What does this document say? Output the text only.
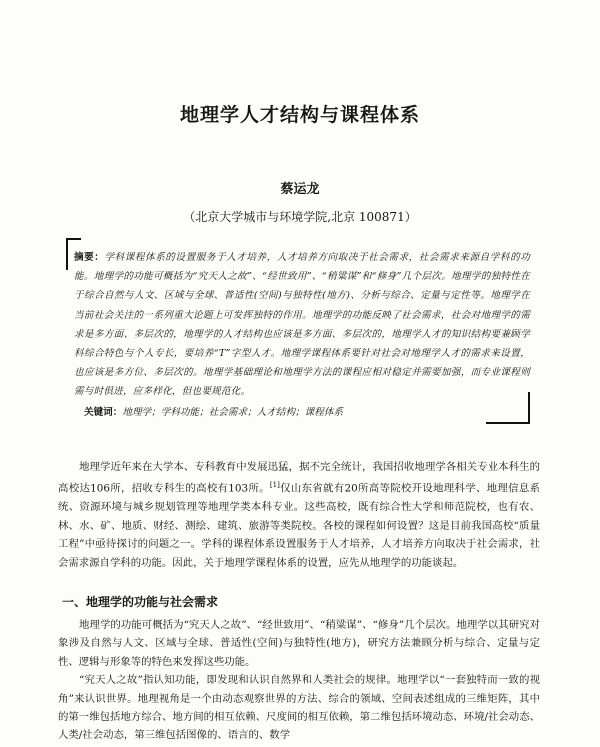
地理学人才结构与课程体系
蔡运龙
（北京大学城市与环境学院,北京 100871）
摘要：学科课程体系的设置服务于人才培养，人才培养方向取决于社会需求，社会需求来源自学科的功能。地理学的功能可概括为“究天人之故”、“经世致用”、“稍粱谋”和“修身”几个层次。地理学的独特性在于综合自然与人文、区域与全球、普适性(空间)与独特性(地方)、分析与综合、定量与定性等。地理学在当前社会关注的一系列重大论题上可发挥独特的作用。地理学的功能反映了社会需求，社会对地理学的需求是多方面、多层次的，地理学的人才结构也应该是多方面、多层次的，地理学人才的知识结构要兼顾学科综合特色与个人专长，要培养“T”字型人才。地理学课程体系要针对社会对地理学人才的需求来设置，也应该是多方位、多层次的。地理学基础理论和地理学方法的课程应相对稳定并需要加强，而专业课程则需与时俱进，应多样化，但也要规范化。
关键词：地理学；学科功能；社会需求；人才结构；课程体系
地理学近年来在大学本、专科教育中发展迅猛，据不完全统计，我国招收地理学各相关专业本科生的高校达106所，招收专科生的高校有103所。[1]仅山东省就有20所高等院校开设地理科学、地理信息系统、资源环境与城乡规划管理等地理学类本科专业。这些高校，既有综合性大学和师范院校，也有农、林、水、矿、地质、财经、测绘、建筑、旅游等类院校。各校的课程如何设置？这是目前我国高校“质量工程”中亟待探讨的问题之一。学科的课程体系设置服务于人才培养，人才培养方向取决于社会需求，社会需求源自学科的功能。因此，关于地理学课程体系的设置，应先从地理学的功能谈起。
一、地理学的功能与社会需求
地理学的功能可概括为“究天人之故”、“经世致用”、“稍粱谋”、“修身”几个层次。地理学以其研究对象涉及自然与人文、区域与全球、普适性(空间)与独特性(地方)，研究方法兼顾分析与综合、定量与定性、逻辑与形象等的特色来发挥这些功能。
“究天人之故”指认知功能，即发现和认识自然界和人类社会的规律。地理学以“一套独特而一致的视角”来认识世界。地理视角是一个由动态观察世界的方法、综合的领域、空间表述组成的三维矩阵，其中的第一维包括地方综合、地方间的相互依赖、尺度间的相互依赖，第二维包括环境动态、环境/社会动态、人类/社会动态，第三维包括图像的、语言的、数学
